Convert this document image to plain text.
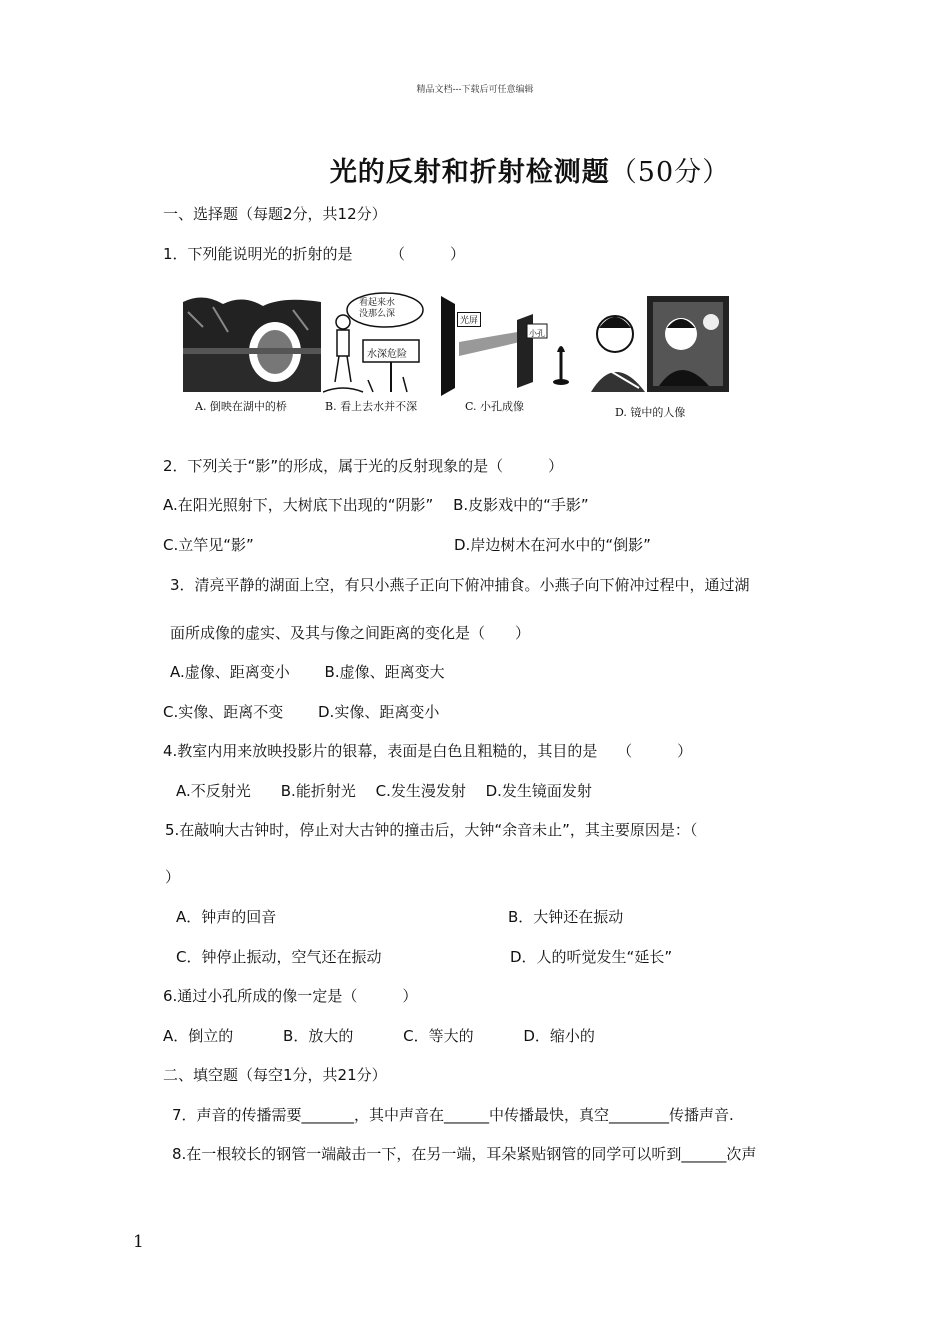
精品文档---下载后可任意编辑
光的反射和折射检测题（50分）
一、选择题（每题2分，共12分）
1．下列能说明光的折射的是　　　（　　　）
A. 倒映在湖中的桥
看起来水
没那么深
水深危险
B. 看上去水并不深
光屏
小孔
C. 小孔成像	D. 镜中的人像
2．下列关于“影”的形成，属于光的反射现象的是（　　　）
A.在阳光照射下，大树底下出现的“阴影”　 B.皮影戏中的“手影”
C.立竿见“影”	D.岸边树木在河水中的“倒影”
3．清亮平静的湖面上空，有只小燕子正向下俯冲捕食。小燕子向下俯冲过程中，通过湖
面所成像的虚实、及其与像之间距离的变化是（　　）
A.虚像、距离变小　　 B.虚像、距离变大
C.实像、距离不变　　 D.实像、距离变小
4.教室内用来放映投影片的银幕，表面是白色且粗糙的，其目的是　 （　　　）
A.不反射光　　B.能折射光　 C.发生漫发射　 D.发生镜面发射
5.在敲响大古钟时，停止对大古钟的撞击后，大钟“余音未止”，其主要原因是：（
）
A．钟声的回音	B．大钟还在振动
C．钟停止振动，空气还在振动	D．人的听觉发生“延长”
6.通过小孔所成的像一定是（　　　）
A．倒立的　　　 B．放大的　　　 C．等大的　　　 D．缩小的
二、填空题（每空1分，共21分）
7．声音的传播需要_______，其中声音在______中传播最快，真空________传播声音.
8.在一根较长的钢管一端敲击一下，在另一端，耳朵紧贴钢管的同学可以听到______次声
1
